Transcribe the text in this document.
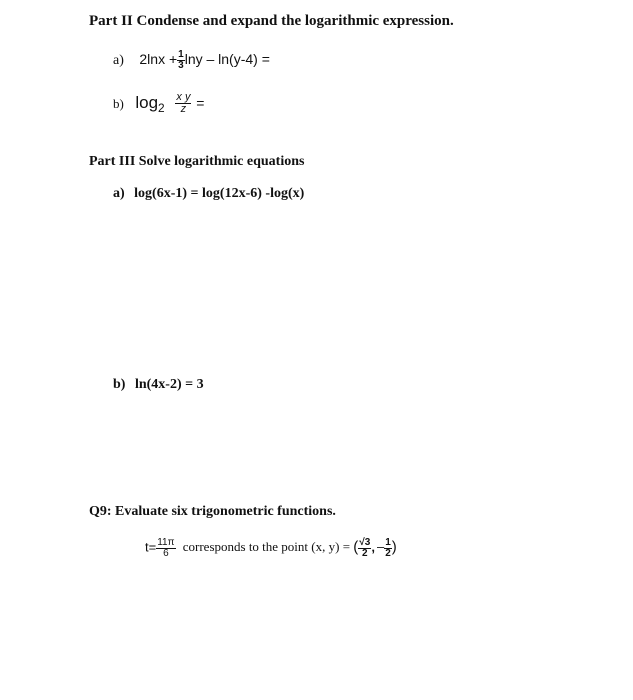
Part II Condense and expand the logarithmic expression.
a) $2\ln x + \frac{1}{3}$ lny – ln(y-4) =
b) $\log_2 \frac{\text{x y}}{z}$ =
Part III Solve logarithmic equations
a) log(6x-1) = log(12x-6) -log(x)
b) ln(4x-2) = 3
Q9: Evaluate six trigonometric functions.
$t= \frac{11\pi}{6}$ corresponds to the point (x, y) = ( $\frac{√3}{2}$ , – $\frac{1}{2}$ )
